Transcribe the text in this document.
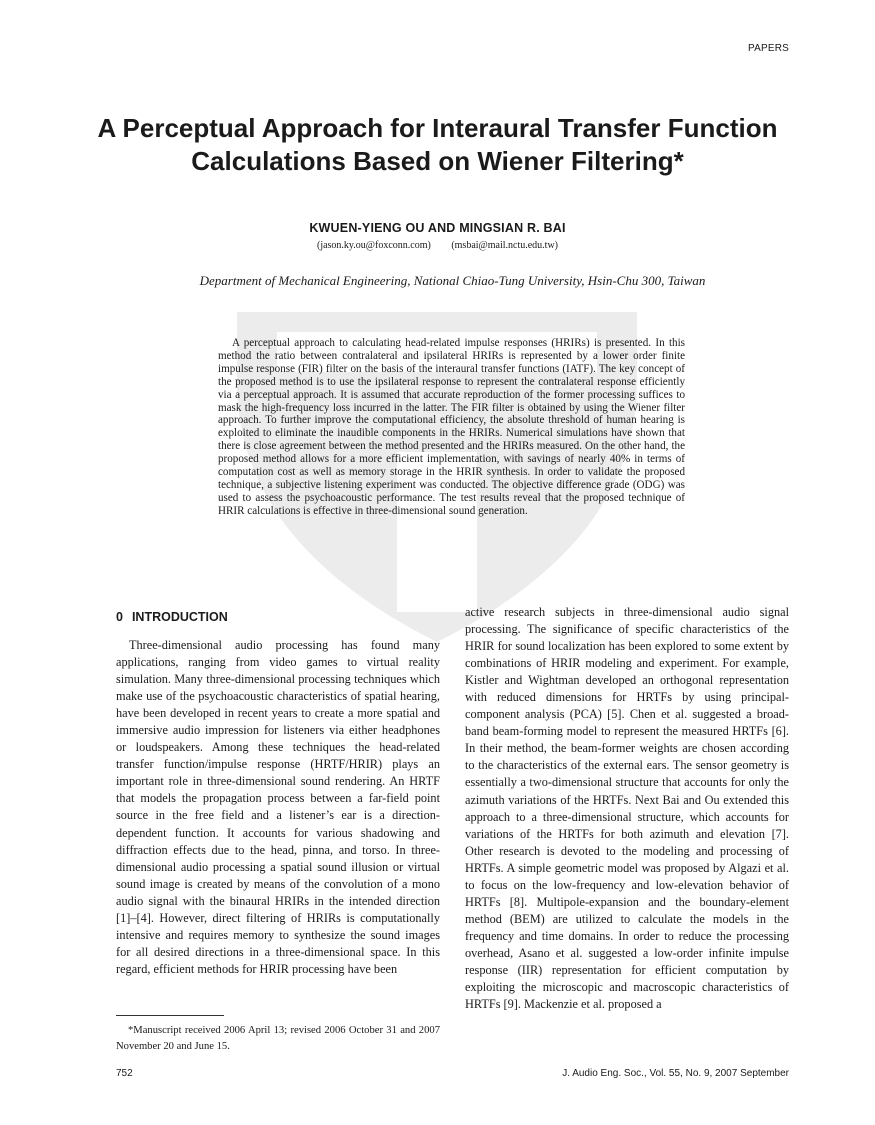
PAPERS
A Perceptual Approach for Interaural Transfer Function Calculations Based on Wiener Filtering*
KWUEN-YIENG OU AND MINGSIAN R. BAI
(jason.ky.ou@foxconn.com) (msbai@mail.nctu.edu.tw)
Department of Mechanical Engineering, National Chiao-Tung University, Hsin-Chu 300, Taiwan

A perceptual approach to calculating head-related impulse responses (HRIRs) is presented. In this method the ratio between contralateral and ipsilateral HRIRs is represented by a lower order finite impulse response (FIR) filter on the basis of the interaural transfer functions (IATF). The key concept of the proposed method is to use the ipsilateral response to represent the contralateral response efficiently via a perceptual approach. It is assumed that accurate reproduction of the former processing suffices to mask the high-frequency loss incurred in the latter. The FIR filter is obtained by using the Wiener filter approach. To further improve the computational efficiency, the absolute threshold of human hearing is exploited to eliminate the inaudible components in the HRIRs. Numerical simulations have shown that there is close agreement between the method presented and the HRIRs measured. On the other hand, the proposed method allows for a more efficient implementation, with savings of nearly 40% in terms of computation cost as well as memory storage in the HRIR synthesis. In order to validate the proposed technique, a subjective listening experiment was conducted. The objective difference grade (ODG) was used to assess the psychoacoustic performance. The test results reveal that the proposed technique of HRIR calculations is effective in three-dimensional sound generation.

0 INTRODUCTION

Three-dimensional audio processing has found many applications, ranging from video games to virtual reality simulation. Many three-dimensional processing techniques which make use of the psychoacoustic characteristics of spatial hearing, have been developed in recent years to create a more spatial and immersive audio impression for listeners via either headphones or loudspeakers. Among these techniques the head-related transfer function/impulse response (HRTF/HRIR) plays an important role in three-dimensional sound rendering. An HRTF that models the propagation process between a far-field point source in the free field and a listener’s ear is a direction-dependent function. It accounts for various shadowing and diffraction effects due to the head, pinna, and torso. In three-dimensional audio processing a spatial sound illusion or virtual sound image is created by means of the convolution of a mono audio signal with the binaural HRIRs in the intended direction [1]–[4]. However, direct filtering of HRIRs is computationally intensive and requires memory to synthesize the sound images for all desired directions in a three-dimensional space. In this regard, efficient methods for HRIR processing have been

active research subjects in three-dimensional audio signal processing. The significance of specific characteristics of the HRIR for sound localization has been explored to some extent by combinations of HRIR modeling and experiment. For example, Kistler and Wightman developed an orthogonal representation with reduced dimensions for HRTFs by using principal-component analysis (PCA) [5]. Chen et al. suggested a broad-band beam-forming model to represent the measured HRTFs [6]. In their method, the beam-former weights are chosen according to the characteristics of the external ears. The sensor geometry is essentially a two-dimensional structure that accounts for only the azimuth variations of the HRTFs. Next Bai and Ou extended this approach to a three-dimensional structure, which accounts for variations of the HRTFs for both azimuth and elevation [7]. Other research is devoted to the modeling and processing of HRTFs. A simple geometric model was proposed by Algazi et al. to focus on the low-frequency and low-elevation behavior of HRTFs [8]. Multipole-expansion and the boundary-element method (BEM) are utilized to calculate the models in the frequency and time domains. In order to reduce the processing overhead, Asano et al. suggested a low-order infinite impulse response (IIR) representation for efficient computation by exploiting the microscopic and macroscopic characteristics of HRTFs [9]. Mackenzie et al. proposed a

*Manuscript received 2006 April 13; revised 2006 October 31 and 2007 November 20 and June 15.

752	J. Audio Eng. Soc., Vol. 55, No. 9, 2007 September
